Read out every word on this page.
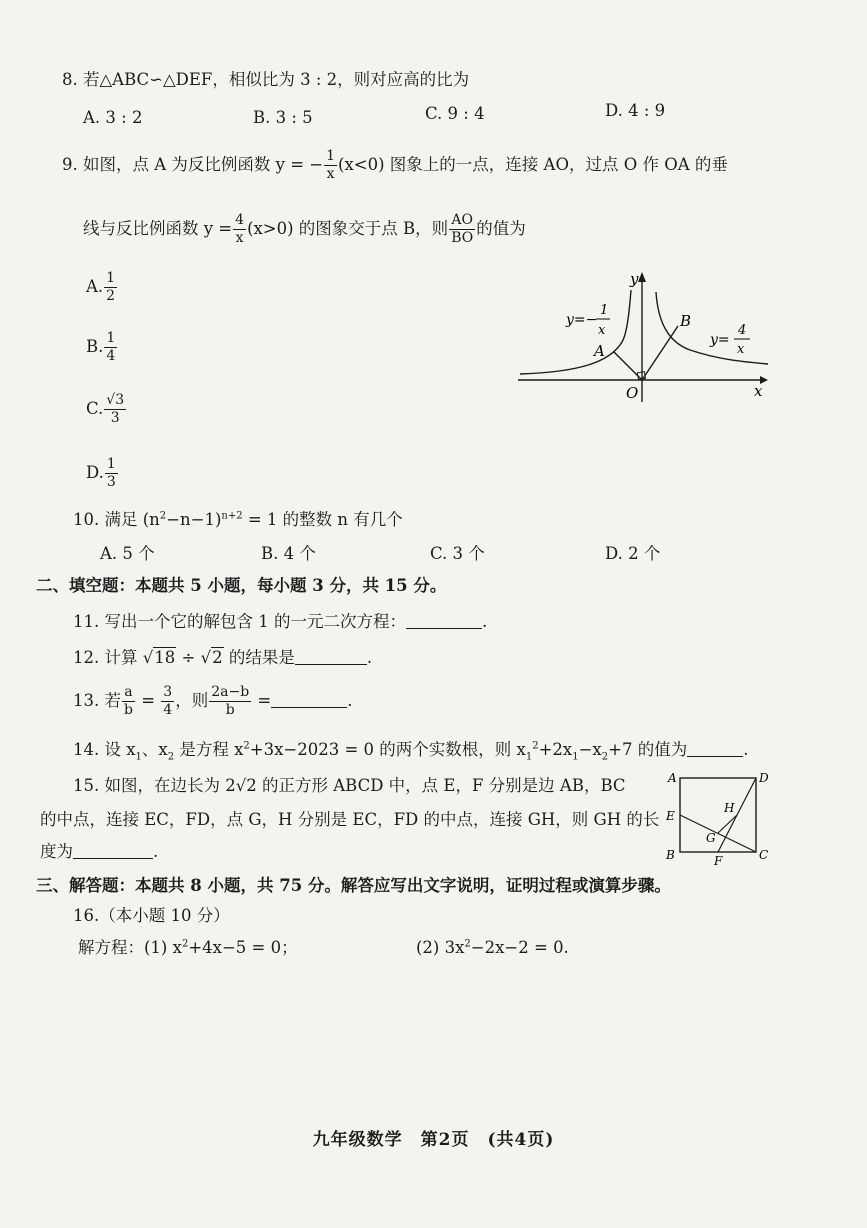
8. 若△ABC∽△DEF，相似比为 3 : 2，则对应高的比为
A. 3 : 2	B. 3 : 5	C. 9 : 4	D. 4 : 9
9. 如图，点 A 为反比例函数 y = − $\frac{1}{x} (x<0)$ 图象上的一点，连接 AO，过点 O 作 OA 的垂
线与反比例函数 $y = \frac{4}{x} (x>0)$ 的图象交于点 B，则 $\frac{AO}{BO}$ 的值为
A. $\frac{1}{2}$
B. $\frac{1}{4}$
C. $\frac{√3}{3}$
D. $\frac{1}{3}$
y
x
O
A
B
y=−
1
x
y=
4
x
10. 满足 $(n^2-n-1)^{n+2} = 1$ 的整数 n 有几个
A. 5 个	B. 4 个	C. 3 个	D. 2 个
二、填空题：本题共 5 小题，每小题 3 分，共 15 分。
11. 写出一个它的解包含 1 的一元二次方程：	.
12. 计算 √18 ÷ √2 的结果是	.
13. 若 $\frac{a}{b} = \frac{3}{4}$ ，则 $\frac{2a-b}{b}$ =	.
14. 设 $x_1$、$x_2$ 是方程 $x^2+3x-2023 = 0$ 的两个实数根，则 $x_1^2+2x_1-x_2+7$ 的值为	.
15. 如图，在边长为 2√2 的正方形 ABCD 中，点 E，F 分别是边 AB，BC
的中点，连接 EC，FD，点 G，H 分别是 EC，FD 的中点，连接 GH，则 GH 的长
度为	.
A
B	C
D
E
F
G
H
三、解答题：本题共 8 小题，共 75 分。解答应写出文字说明，证明过程或演算步骤。
16.（本小题 10 分）
解方程：(1) $x^2+4x-5 = 0$；	(2) $3x^2-2x-2 = 0$.
九年级数学　第2页　(共4页)
